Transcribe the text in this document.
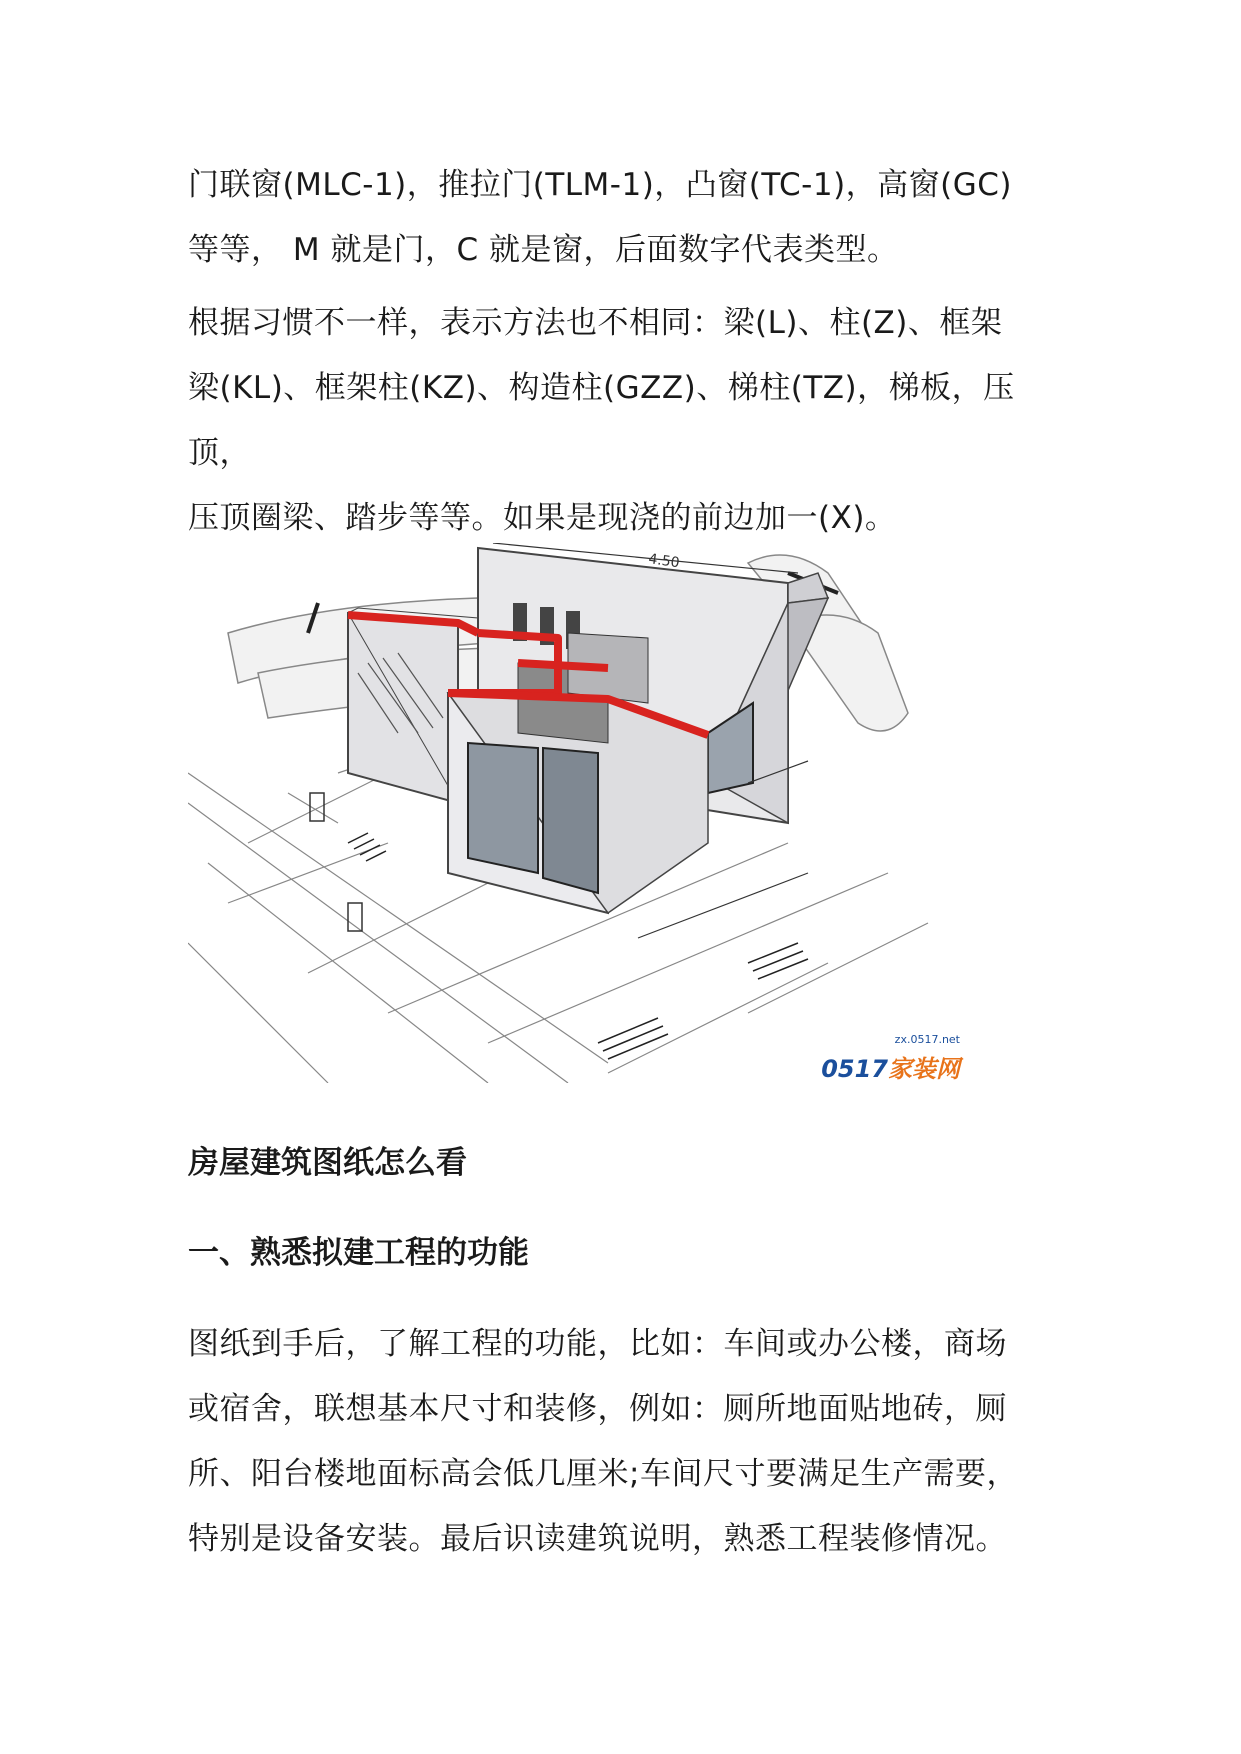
门联窗(MLC-1)，推拉门(TLM-1)，凸窗(TC-1)，高窗(GC)
等等， M 就是门，C 就是窗，后面数字代表类型。

根据习惯不一样，表示方法也不相同：梁(L)、柱(Z)、框架
梁(KL)、框架柱(KZ)、构造柱(GZZ)、梯柱(TZ)，梯板，压顶，
压顶圈梁、踏步等等。如果是现浇的前边加一(X)。

4.50
zx.0517.net
0517家装网
房屋建筑图纸怎么看
一、熟悉拟建工程的功能

图纸到手后，了解工程的功能，比如：车间或办公楼，商场
或宿舍，联想基本尺寸和装修，例如：厕所地面贴地砖，厕
所、阳台楼地面标高会低几厘米;车间尺寸要满足生产需要，
特别是设备安装。最后识读建筑说明，熟悉工程装修情况。
